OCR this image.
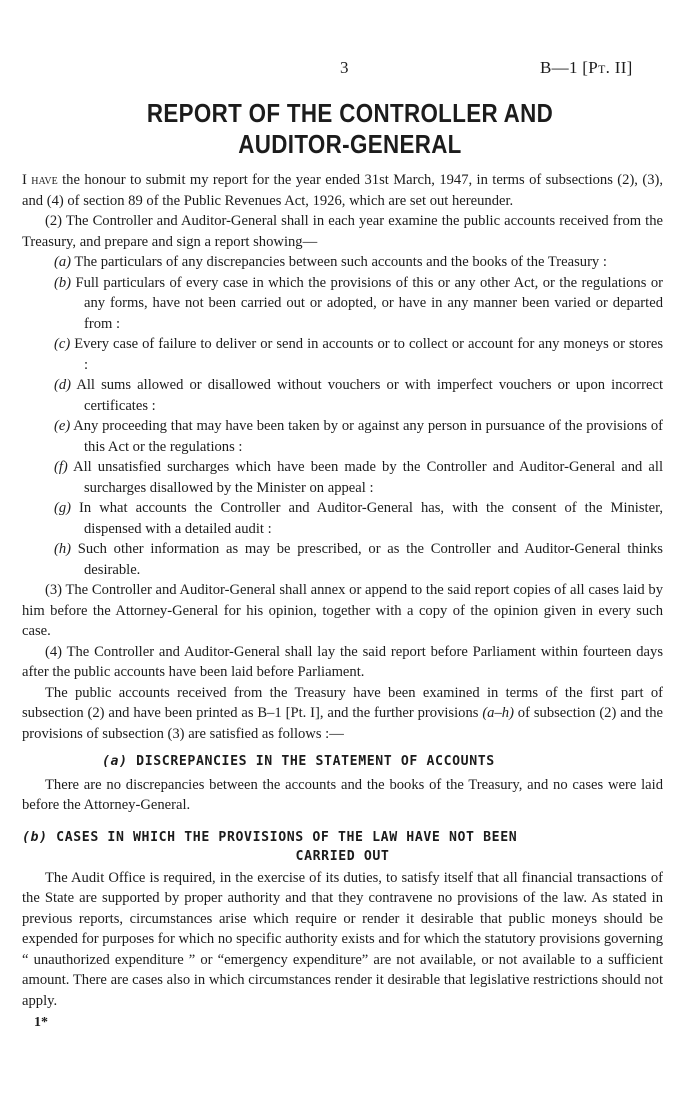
3	B—1 [Pt. II]
REPORT OF THE CONTROLLER AND
AUDITOR-GENERAL

I have the honour to submit my report for the year ended 31st March, 1947, in terms of subsections (2), (3), and (4) of section 89 of the Public Revenues Act, 1926, which are set out hereunder.

(2) The Controller and Auditor-General shall in each year examine the public accounts received from the Treasury, and prepare and sign a report showing—

(a) The particulars of any discrepancies between such accounts and the books of the Treasury :

(b) Full particulars of every case in which the provisions of this or any other Act, or the regulations or any forms, have not been carried out or adopted, or have in any manner been varied or departed from :

(c) Every case of failure to deliver or send in accounts or to collect or account for any moneys or stores :

(d) All sums allowed or disallowed without vouchers or with imperfect vouchers or upon incorrect certificates :

(e) Any proceeding that may have been taken by or against any person in pursuance of the provisions of this Act or the regulations :

(f) All unsatisfied surcharges which have been made by the Controller and Auditor-General and all surcharges disallowed by the Minister on appeal :

(g) In what accounts the Controller and Auditor-General has, with the consent of the Minister, dispensed with a detailed audit :

(h) Such other information as may be prescribed, or as the Controller and Auditor-General thinks desirable.

(3) The Controller and Auditor-General shall annex or append to the said report copies of all cases laid by him before the Attorney-General for his opinion, together with a copy of the opinion given in every such case.

(4) The Controller and Auditor-General shall lay the said report before Parliament within fourteen days after the public accounts have been laid before Parliament.

The public accounts received from the Treasury have been examined in terms of the first part of subsection (2) and have been printed as B–1 [Pt. I], and the further provisions (a–h) of subsection (2) and the provisions of subsection (3) are satisfied as follows :—

(a) DISCREPANCIES IN THE STATEMENT OF ACCOUNTS

There are no discrepancies between the accounts and the books of the Treasury, and no cases were laid before the Attorney-General.

(b) CASES IN WHICH THE PROVISIONS OF THE LAW HAVE NOT BEEN
CARRIED OUT

The Audit Office is required, in the exercise of its duties, to satisfy itself that all financial transactions of the State are supported by proper authority and that they contravene no provisions of the law. As stated in previous reports, circumstances arise which require or render it desirable that public moneys should be expended for purposes for which no specific authority exists and for which the statutory provisions governing “ unauthorized expenditure ” or “emergency expenditure” are not available, or not available to a sufficient amount. There are cases also in which circumstances render it desirable that legislative restrictions should not apply.

1*
